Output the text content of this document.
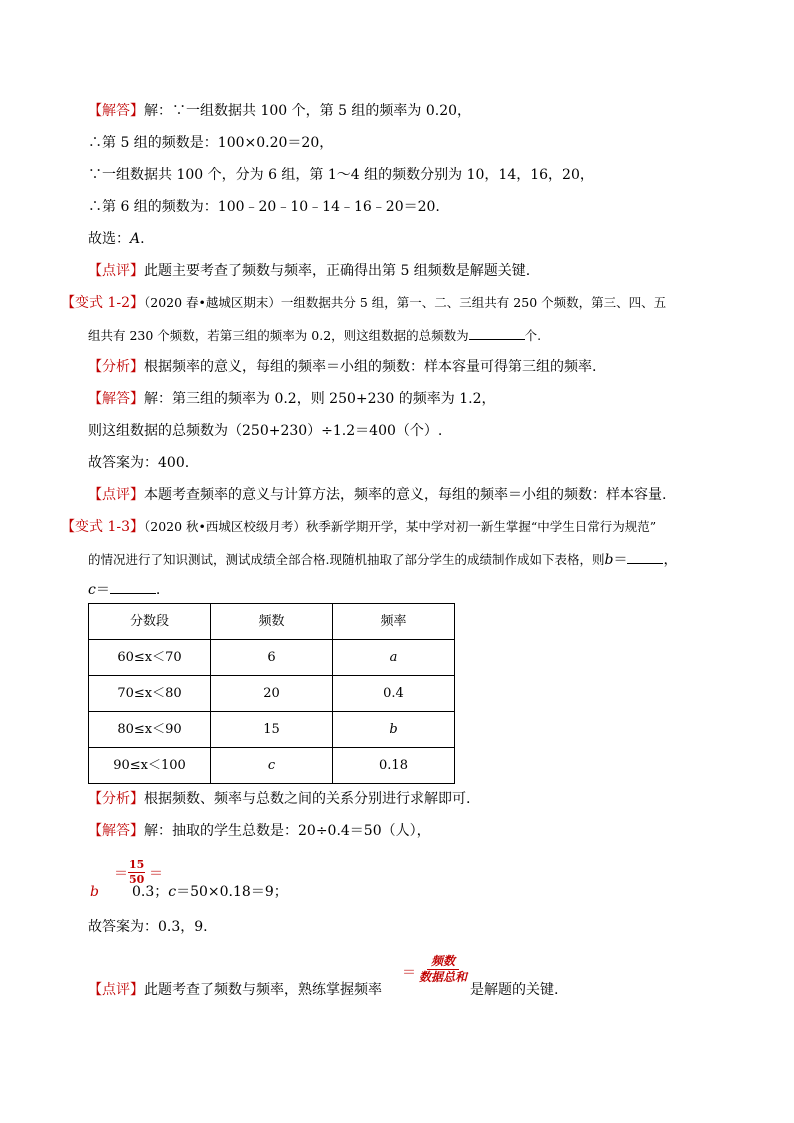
【解答】解：∵一组数据共 100 个，第 5 组的频率为 0.20，
∴第 5 组的频数是：100×0.20＝20，
∵一组数据共 100 个，分为 6 组，第 1～4 组的频数分别为 10，14，16，20，
∴第 6 组的频数为：100﹣20﹣10﹣14﹣16﹣20＝20.
故选：A.
【点评】此题主要考查了频数与频率，正确得出第 5 组频数是解题关键.
【变式 1-2】（2020 春•越城区期末）一组数据共分 5 组，第一、二、三组共有 250 个频数，第三、四、五
组共有 230 个频数，若第三组的频率为 0.2，则这组数据的总频数为	个.
【分析】根据频率的意义，每组的频率＝小组的频数：样本容量可得第三组的频率.
【解答】解：第三组的频率为 0.2，则 250+230 的频率为 1.2，
则这组数据的总频数为（250+230）÷1.2＝400（个）.
故答案为：400.
【点评】本题考查频率的意义与计算方法，频率的意义，每组的频率＝小组的频数：样本容量.
【变式 1-3】（2020 秋•西城区校级月考）秋季新学期开学，某中学对初一新生掌握“中学生日常行为规范”
的情况进行了知识测试，测试成绩全部合格.现随机抽取了部分学生的成绩制作成如下表格，则b＝	，
c＝	.
分数段	频数	频率
60≤x＜70	6	a
70≤x＜80	20	0.4
80≤x＜90	15	b
90≤x＜100	c	0.18
【分析】根据频数、频率与总数之间的关系分别进行求解即可.
【解答】解：抽取的学生总数是：20÷0.4＝50（人），
b
＝ $\frac{15}{50}$ ＝
0.3；c＝50×0.18＝9；
故答案为：0.3，9.
【点评】此题考查了频数与频率，熟练掌握频率
＝
频数
数据总和
是解题的关键.
